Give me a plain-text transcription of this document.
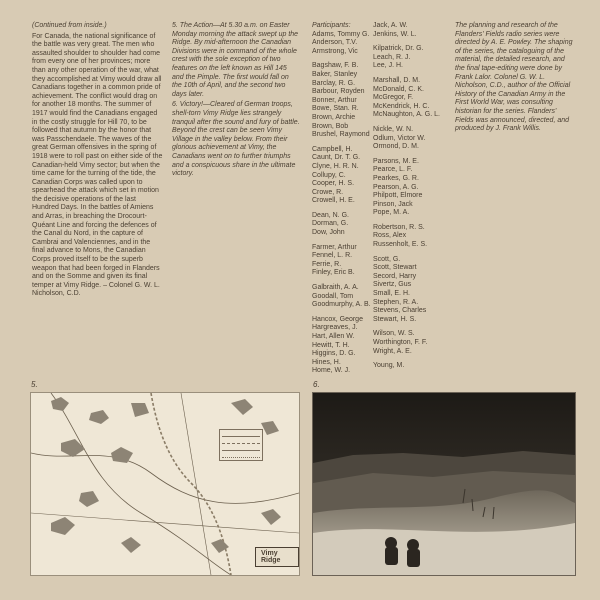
(Continued from inside.)

For Canada, the national significance of the battle was very great. The men who assaulted shoulder to shoulder had come from every one of her provinces; more than any other operation of the war, what they accomplished at Vimy would draw all Canadians together in a common pride of achievement. The conflict would drag on for another 18 months. The summer of 1917 would find the Canadians engaged in the costly struggle for Hill 70, to be followed that autumn by the honor that was Passchendaele. The waves of the great German offensives in the spring of 1918 were to roll past on either side of the Canadian-held Vimy sector; but when the time came for the turning of the tide, the Canadian Corps was called upon to spearhead the attack which set in motion the decisive operations of the last Hundred Days. In the battles of Amiens and Arras, in breaching the Drocourt-Quéant Line and forcing the defences of the Canal du Nord, in the capture of Cambrai and Valenciennes, and in the final advance to Mons, the Canadian Corps proved itself to be the superb weapon that had been forged in Flanders and on the Somme and given its final temper at Vimy Ridge. – Colonel G. W. L. Nicholson, C.D.

5. The Action—At 5.30 a.m. on Easter Monday morning the attack swept up the Ridge. By mid-afternoon the Canadian Divisions were in command of the whole crest with the sole exception of two features on the left known as Hill 145 and the Pimple. The first would fall on the 10th of April, and the second two days later.

6. Victory!—Cleared of German troops, shell-torn Vimy Ridge lies strangely tranquil after the sound and fury of battle. Beyond the crest can be seen Vimy Village in the valley below. From their glorious achievement at Vimy, the Canadians went on to further triumphs and a conspicuous share in the ultimate victory.

Participants:
Adams, Tommy G.
Anderson, T.V.
Armstrong, Vic
Bagshaw, F. B.
Baker, Stanley
Barclay, R. G.
Barbour, Royden
Bonner, Arthur
Bowe, Stan. R.
Brown, Archie
Brown, Bob
Brushel, Raymond
Campbell, H.
Caunt, Dr. T. G.
Clyne, H. R. N.
Collupy, C.
Cooper, H. S.
Crowe, R.
Crowell, H. E.
Dean, N. G.
Dorman, G.
Dow, John
Farmer, Arthur
Fennel, L. R.
Ferrie, R.
Finley, Eric B.
Galbraith, A. A.
Goodall, Tom
Goodmurphy, A. B.
Hancox, George
Hargreaves, J.
Hart, Allen W.
Hewitt, T. H.
Higgins, D. G.
Hines, H.
Home, W. J.
Jack, A. W.
Jenkins, W. L.
Kilpatrick, Dr. G.
Leach, R. J.
Lee, J. H.
Marshall, D. M.
McDonald, C. K.
McGregor, F.
McKendrick, H. C.
McNaughton, A. G. L.
Nickle, W. N.
Odlum, Victor W.
Ormond, D. M.
Parsons, M. E.
Pearce, L. F.
Pearkes, G. R.
Pearson, A. G.
Philpott, Elmore
Pinson, Jack
Pope, M. A.
Robertson, R. S.
Ross, Alex
Russenholt, E. S.
Scott, G.
Scott, Stewart
Secord, Harry
Sivertz, Gus
Small, E. H.
Stephen, R. A.
Stevens, Charles
Stewart, H. S.
Wilson, W. S.
Worthington, F. F.
Wright, A. E.
Young, M.

The planning and research of the Flanders' Fields radio series were directed by A. E. Powley. The shaping of the series, the cataloguing of the material, the detailed research, and the final tape-editing were done by Frank Lalor. Colonel G. W. L. Nicholson, C.D., author of the Official History of the Canadian Army in the First World War, was consulting historian for the series. Flanders' Fields was announced, directed, and produced by J. Frank Willis.

5.	6.
Vimy Ridge
